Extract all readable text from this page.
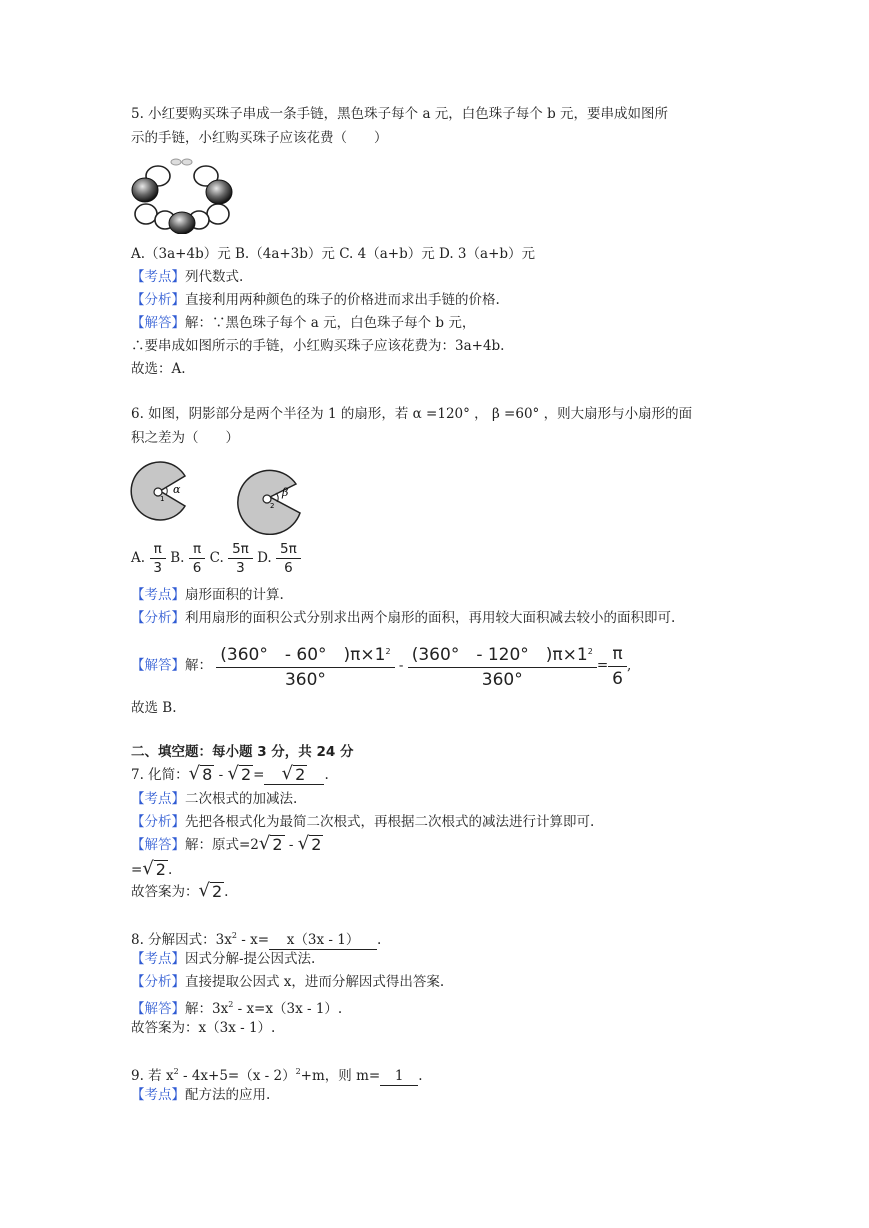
5. 小红要购买珠子串成一条手链，黑色珠子每个 a 元，白色珠子每个 b 元，要串成如图所
示的手链，小红购买珠子应该花费（　　）
A.（3a+4b）元 B.（4a+3b）元 C. 4（a+b）元 D. 3（a+b）元
【考点】列代数式.
【分析】直接利用两种颜色的珠子的价格进而求出手链的价格.
【解答】解：∵黑色珠子每个 a 元，白色珠子每个 b 元，
∴要串成如图所示的手链，小红购买珠子应该花费为：3a+4b.
故选：A.
6. 如图，阴影部分是两个半径为 1 的扇形，若 α =120° ， β =60° ，则大扇形与小扇形的面
积之差为（　　）
α
1	β
2
A. $\frac{\pi}{3} B$. $\frac{\pi}{6} C$. $\frac{5\pi}{3} D$. $\frac{5\pi}{6}$
【考点】扇形面积的计算.
【分析】利用扇形的面积公式分别求出两个扇形的面积，再用较大面积减去较小的面积即可.
【解答】解： $\frac{(360^\circ - 60^\circ )\pi\times 1^2}{360^\circ} - \frac{(360^\circ - 120^\circ )\pi\times 1^2}{360^\circ} = \frac{\pi}{6}$ ,
故选 B.
二、填空题：每小题 3 分，共 24 分
7. 化简： √ 8 - √ 2 = √ 2 .
【考点】二次根式的加减法.
【分析】先把各根式化为最简二次根式，再根据二次根式的减法进行计算即可.
【解答】解：原式=2 √ 2 - √ 2
= √ 2 .
故答案为： √ 2 .
8. 分解因式：$3x^2 - x= x(3x - 1)$ .
【考点】因式分解-提公因式法.
【分析】直接提取公因式 x，进而分解因式得出答案.
【解答】解：$3x^2 - x=x(3x - 1)$.
故答案为：x（3x - 1）.
9. 若 $x^2 - 4x+5=(x - 2)^2+m$，则 m= 1 .
【考点】配方法的应用.
